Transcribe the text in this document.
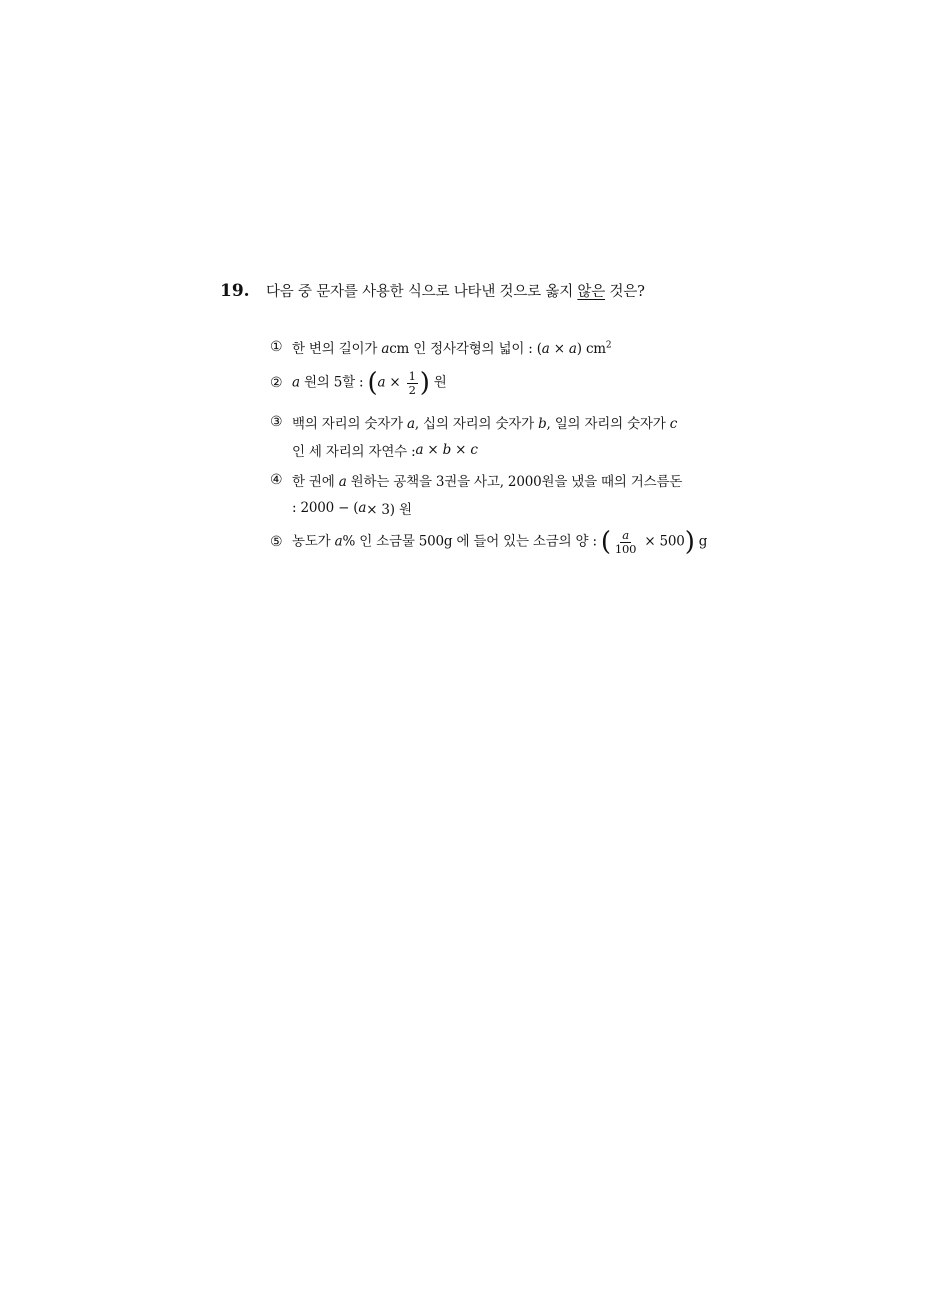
19.	다음 중 문자를 사용한 식으로 나타낸 것으로 옳지 않은 것은?
① 한 변의 길이가 acm 인 정사각형의 넓이 : (a × a) $cm^2$
② a 원의 5할 : ($a \times \frac{1}{2}$ ) 원
③ 백의 자리의 숫자가 a, 십의 자리의 숫자가 b, 일의 자리의 숫자가 c
인 세 자리의 자연수 : a × b × c
④ 한 권에 a 원하는 공책을 3권을 사고, 2000원을 냈을 때의 거스름돈
: 2000 − ( a × 3) 원
⑤ 농도가 a% 인 소금물 500g 에 들어 있는 소금의 양 : ( $\frac{a}{100} \times 500$) g
